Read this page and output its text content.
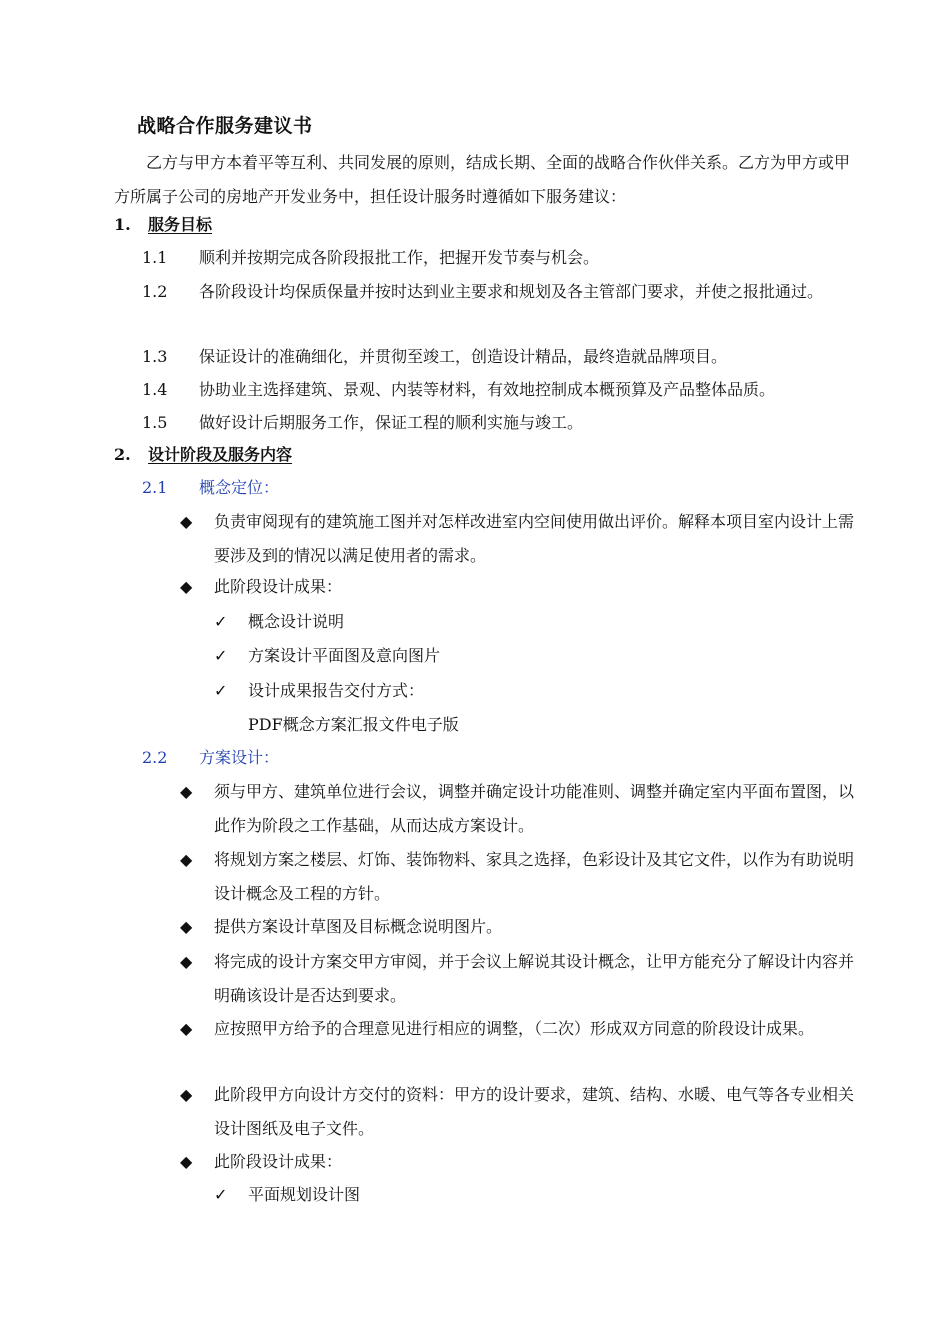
战略合作服务建议书
乙方与甲方本着平等互利、共同发展的原则，结成长期、全面的战略合作伙伴关系。乙方为甲方或甲方所属子公司的房地产开发业务中，担任设计服务时遵循如下服务建议：
1. 服务目标
1.1	顺利并按期完成各阶段报批工作，把握开发节奏与机会。
1.2	各阶段设计均保质保量并按时达到业主要求和规划及各主管部门要求，并使之报批通过。
1.3	保证设计的准确细化，并贯彻至竣工，创造设计精品，最终造就品牌项目。
1.4	协助业主选择建筑、景观、内装等材料，有效地控制成本概预算及产品整体品质。
1.5	做好设计后期服务工作，保证工程的顺利实施与竣工。
2. 设计阶段及服务内容
2.1 概念定位：
◆	负责审阅现有的建筑施工图并对怎样改进室内空间使用做出评价。解释本项目室内设计上需要涉及到的情况以满足使用者的需求。
◆	此阶段设计成果：
✓ 概念设计说明
✓ 方案设计平面图及意向图片
✓ 设计成果报告交付方式：
PDF概念方案汇报文件电子版
2.2 方案设计：
◆	须与甲方、建筑单位进行会议，调整并确定设计功能准则、调整并确定室内平面布置图，以此作为阶段之工作基础，从而达成方案设计。
◆	将规划方案之楼层、灯饰、装饰物料、家具之选择，色彩设计及其它文件，以作为有助说明设计概念及工程的方针。
◆	提供方案设计草图及目标概念说明图片。
◆	将完成的设计方案交甲方审阅，并于会议上解说其设计概念，让甲方能充分了解设计内容并明确该设计是否达到要求。
◆	应按照甲方给予的合理意见进行相应的调整，（二次）形成双方同意的阶段设计成果。
◆	此阶段甲方向设计方交付的资料：甲方的设计要求，建筑、结构、水暖、电气等各专业相关设计图纸及电子文件。
◆	此阶段设计成果：
✓ 平面规划设计图
